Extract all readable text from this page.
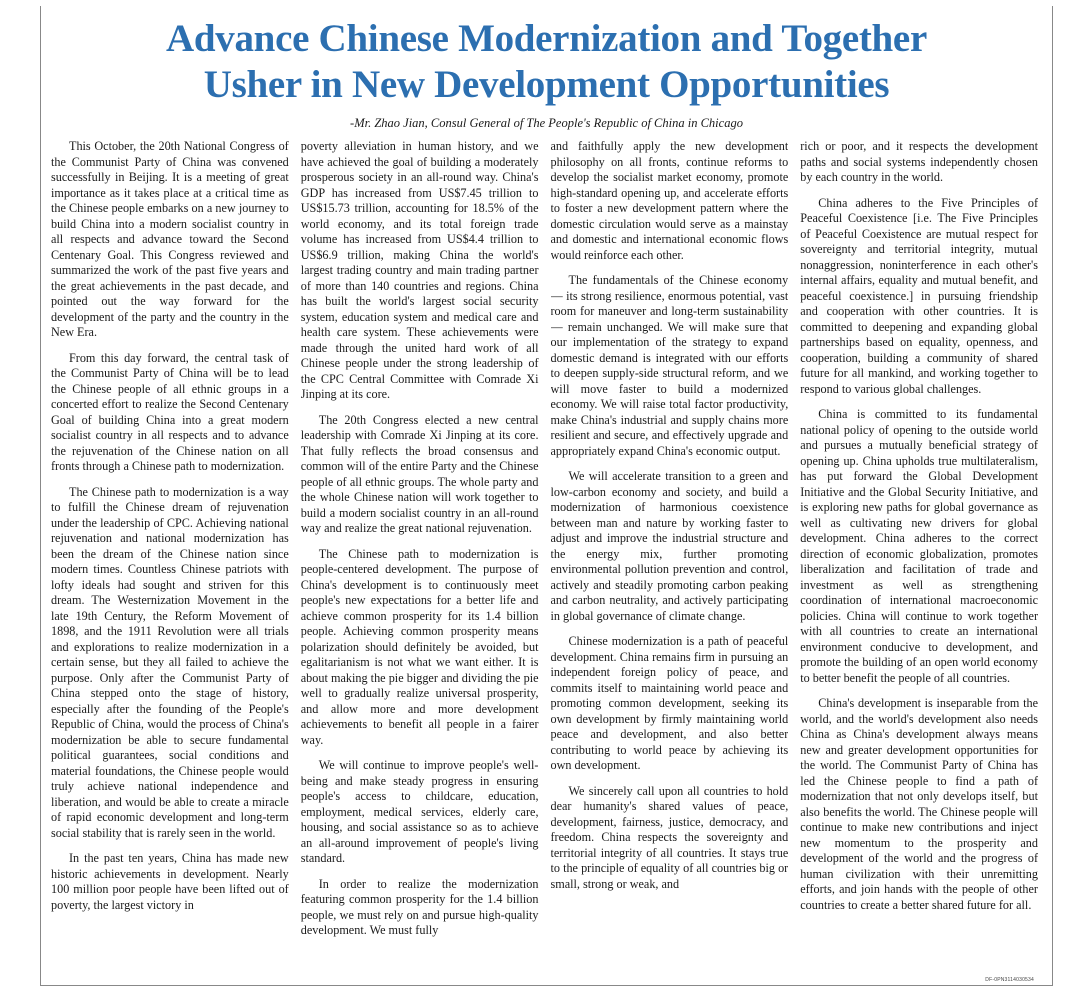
Advance Chinese Modernization and Together
Usher in New Development Opportunities
-Mr. Zhao Jian, Consul General of The People's Republic of China in Chicago

This October, the 20th National Congress of the Communist Party of China was convened successfully in Beijing. It is a meeting of great importance as it takes place at a critical time as the Chinese people embarks on a new journey to build China into a modern socialist country in all respects and advance toward the Second Centenary Goal. This Congress reviewed and summarized the work of the past five years and the great achievements in the past decade, and pointed out the way forward for the development of the party and the country in the New Era.

From this day forward, the central task of the Communist Party of China will be to lead the Chinese people of all ethnic groups in a concerted effort to realize the Second Centenary Goal of building China into a great modern socialist country in all respects and to advance the rejuvenation of the Chinese nation on all fronts through a Chinese path to modernization.

The Chinese path to modernization is a way to fulfill the Chinese dream of rejuvenation under the leadership of CPC. Achieving national rejuvenation and national modernization has been the dream of the Chinese nation since modern times. Countless Chinese patriots with lofty ideals had sought and striven for this dream. The Westernization Movement in the late 19th Century, the Reform Movement of 1898, and the 1911 Revolution were all trials and explorations to realize modernization in a certain sense, but they all failed to achieve the purpose. Only after the Communist Party of China stepped onto the stage of history, especially after the founding of the People's Republic of China, would the process of China's modernization be able to secure fundamental political guarantees, social conditions and material foundations, the Chinese people would truly achieve national independence and liberation, and would be able to create a miracle of rapid economic development and long-term social stability that is rarely seen in the world.

In the past ten years, China has made new historic achievements in development. Nearly 100 million poor people have been lifted out of poverty, the largest victory in

poverty alleviation in human history, and we have achieved the goal of building a moderately prosperous society in an all-round way. China's GDP has increased from US$7.45 trillion to US$15.73 trillion, accounting for 18.5% of the world economy, and its total foreign trade volume has increased from US$4.4 trillion to US$6.9 trillion, making China the world's largest trading country and main trading partner of more than 140 countries and regions. China has built the world's largest social security system, education system and medical care and health care system. These achievements were made through the united hard work of all Chinese people under the strong leadership of the CPC Central Committee with Comrade Xi Jinping at its core.

The 20th Congress elected a new central leadership with Comrade Xi Jinping at its core. That fully reflects the broad consensus and common will of the entire Party and the Chinese people of all ethnic groups. The whole party and the whole Chinese nation will work together to build a modern socialist country in an all-round way and realize the great national rejuvenation.

The Chinese path to modernization is people-centered development. The purpose of China's development is to continuously meet people's new expectations for a better life and achieve common prosperity for its 1.4 billion people. Achieving common prosperity means polarization should definitely be avoided, but egalitarianism is not what we want either. It is about making the pie bigger and dividing the pie well to gradually realize universal prosperity, and allow more and more development achievements to benefit all people in a fairer way.

We will continue to improve people's well-being and make steady progress in ensuring people's access to childcare, education, employment, medical services, elderly care, housing, and social assistance so as to achieve an all-around improvement of people's living standard.

In order to realize the modernization featuring common prosperity for the 1.4 billion people, we must rely on and pursue high-quality development. We must fully

and faithfully apply the new development philosophy on all fronts, continue reforms to develop the socialist market economy, promote high-standard opening up, and accelerate efforts to foster a new development pattern where the domestic circulation would serve as a mainstay and domestic and international economic flows would reinforce each other.

The fundamentals of the Chinese economy — its strong resilience, enormous potential, vast room for maneuver and long-term sustainability — remain unchanged. We will make sure that our implementation of the strategy to expand domestic demand is integrated with our efforts to deepen supply-side structural reform, and we will move faster to build a modernized economy. We will raise total factor productivity, make China's industrial and supply chains more resilient and secure, and effectively upgrade and appropriately expand China's economic output.

We will accelerate transition to a green and low-carbon economy and society, and build a modernization of harmonious coexistence between man and nature by working faster to adjust and improve the industrial structure and the energy mix, further promoting environmental pollution prevention and control, actively and steadily promoting carbon peaking and carbon neutrality, and actively participating in global governance of climate change.

Chinese modernization is a path of peaceful development. China remains firm in pursuing an independent foreign policy of peace, and commits itself to maintaining world peace and promoting common development, seeking its own development by firmly maintaining world peace and development, and also better contributing to world peace by achieving its own development.

We sincerely call upon all countries to hold dear humanity's shared values of peace, development, fairness, justice, democracy, and freedom. China respects the sovereignty and territorial integrity of all countries. It stays true to the principle of equality of all countries big or small, strong or weak, and

rich or poor, and it respects the development paths and social systems independently chosen by each country in the world.

China adheres to the Five Principles of Peaceful Coexistence [i.e. The Five Principles of Peaceful Coexistence are mutual respect for sovereignty and territorial integrity, mutual nonaggression, noninterference in each other's internal affairs, equality and mutual benefit, and peaceful coexistence.] in pursuing friendship and cooperation with other countries. It is committed to deepening and expanding global partnerships based on equality, openness, and cooperation, building a community of shared future for all mankind, and working together to respond to various global challenges.

China is committed to its fundamental national policy of opening to the outside world and pursues a mutually beneficial strategy of opening up. China upholds true multilateralism, has put forward the Global Development Initiative and the Global Security Initiative, and is exploring new paths for global governance as well as cultivating new drivers for global development. China adheres to the correct direction of economic globalization, promotes liberalization and facilitation of trade and investment as well as strengthening coordination of international macroeconomic policies. China will continue to work together with all countries to create an international environment conducive to development, and promote the building of an open world economy to better benefit the people of all countries.

China's development is inseparable from the world, and the world's development also needs China as China's development always means new and greater development opportunities for the world. The Communist Party of China has led the Chinese people to find a path of modernization that not only develops itself, but also benefits the world. The Chinese people will continue to make new contributions and inject new momentum to the prosperity and development of the world and the progress of human civilization with their unremitting efforts, and join hands with the people of other countries to create a better shared future for all.

DF-0PN3114030534
